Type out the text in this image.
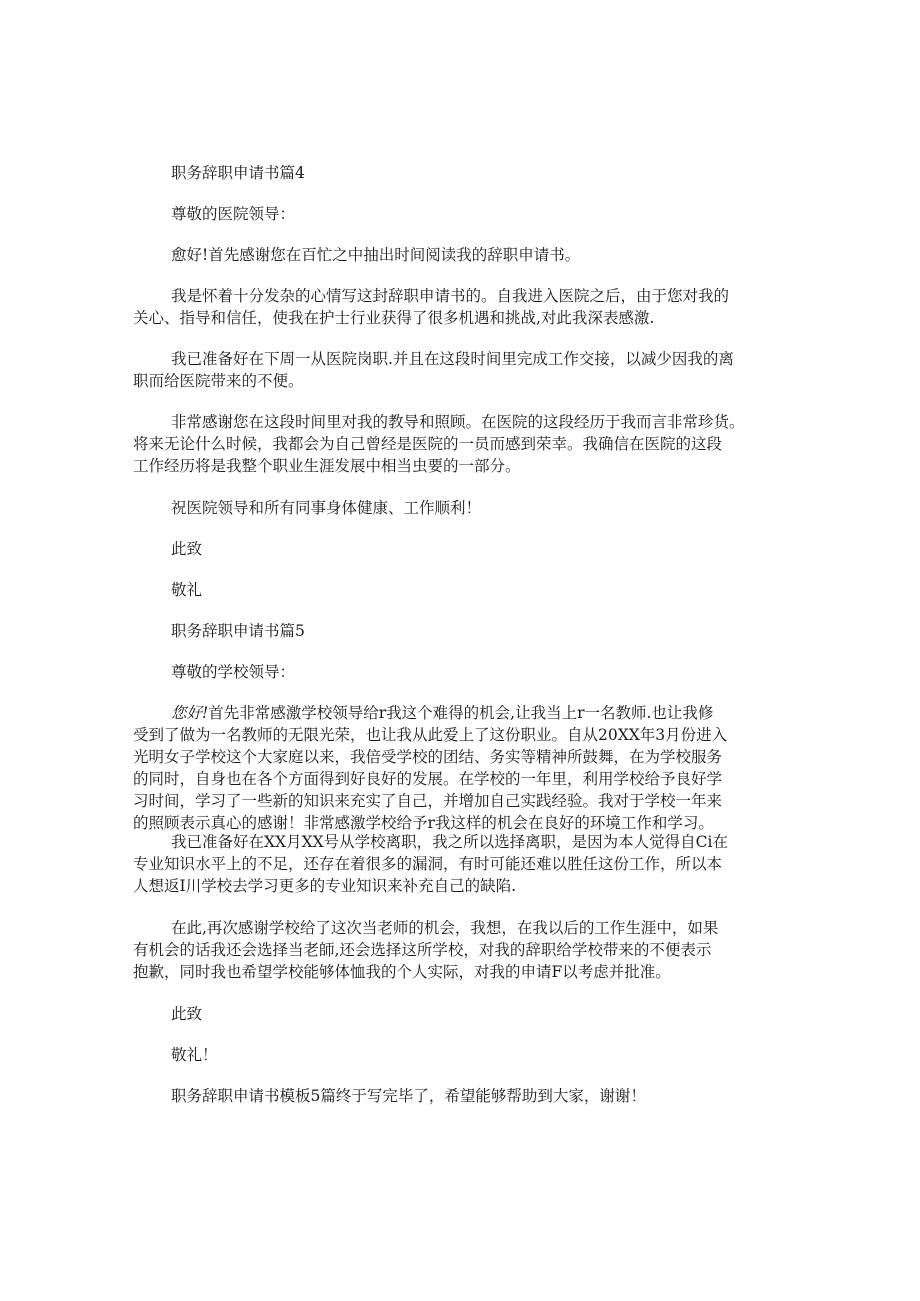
职务辞职申请书篇4
尊敬的医院领导：
愈好!首先感谢您在百忙之中抽出时间阅读我的辞职申请书。
我是怀着十分发杂的心情写这封辞职申请书的。自我进入医院之后，由于您对我的
关心、指导和信任，使我在护士行业获得了很多机遇和挑战,对此我深表感激.
我已准备好在下周一从医院岗职.并且在这段时间里完成工作交接，以减少因我的离
职而给医院带来的不便。
非常感谢您在这段时间里对我的教导和照顾。在医院的这段经历于我而言非常珍货。
将来无论什么时候，我都会为自己曾经是医院的一员而感到荣幸。我确信在医院的这段
工作经历将是我整个职业生涯发展中相当虫要的一部分。
祝医院领导和所有同事身体健康、工作顺利！
此致
敬礼
职务辞职申请书篇5
尊敬的学校领导：
您好!首先非常感激学校领导给r我这个难得的机会,让我当上r一名教师.也让我修
受到了做为一名教师的无限光荣，也让我从此爱上了这份职业。自从20XX年3月份进入
光明女子学校这个大家庭以来，我倍受学校的团结、务实等精神所鼓舞，在为学校服务
的同时，自身也在各个方面得到好良好的发展。在学校的一年里，利用学校给予良好学
习时间，学习了一些新的知识来充实了自己，并增加自己实践经验。我对于学校一年来
的照顾表示真心的感谢！非常感激学校给予r我这样的机会在良好的环境工作和学习。
我已准备好在XX月XX号从学校离职，我之所以选择离职，是因为本人觉得自Ci在
专业知识水平上的不足，还存在着很多的漏洞，有时可能还难以胜任这份工作，所以本
人想返I川学校去学习更多的专业知识来补充自己的缺陷.
在此,再次感谢学校给了这次当老师的机会，我想，在我以后的工作生涯中，如果
有机会的话我还会选择当老師,还会选择这所学校，对我的辞职给学校带来的不便表示
抱歉，同时我也希望学校能够体恤我的个人实际，对我的申请F以考虑并批准。
此致
敬礼！
职务辞职申请书模板5篇终于写完毕了，希望能够帮助到大家，谢谢！
